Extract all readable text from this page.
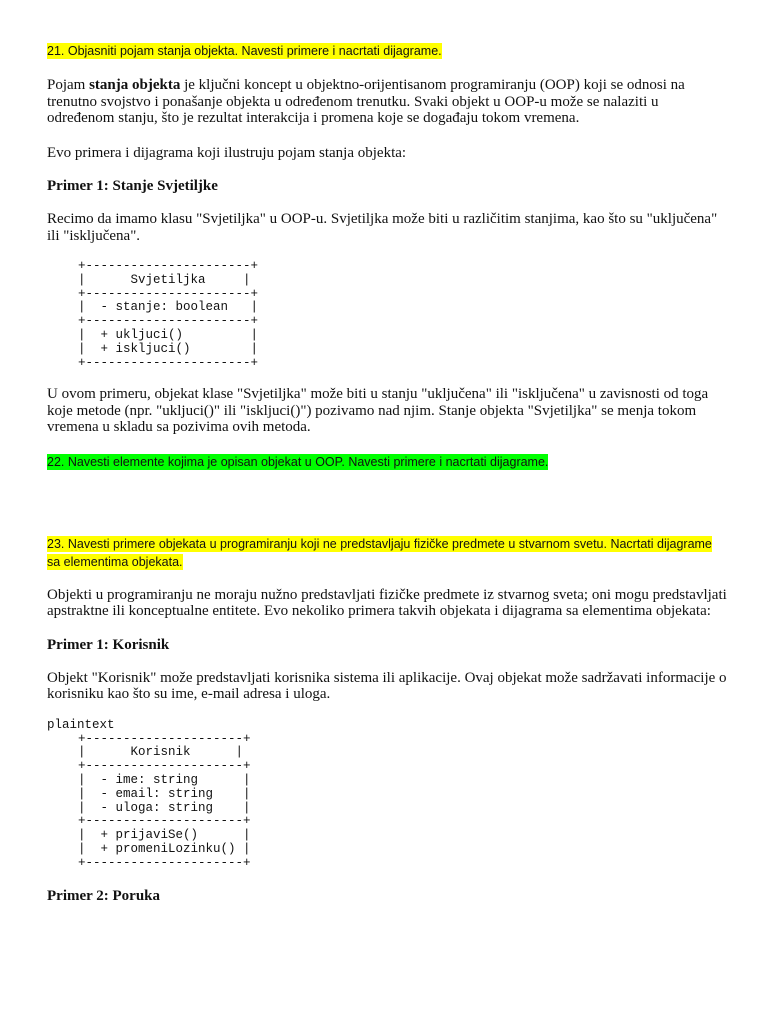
21. Objasniti pojam stanja objekta. Navesti primere i nacrtati dijagrame.

Pojam stanja objekta je ključni koncept u objektno-orijentisanom programiranju (OOP) koji se odnosi na trenutno svojstvo i ponašanje objekta u određenom trenutku. Svaki objekt u OOP-u može se nalaziti u određenom stanju, što je rezultat interakcija i promena koje se događaju tokom vremena.

Evo primera i dijagrama koji ilustruju pojam stanja objekta:

Primer 1: Stanje Svjetiljke

Recimo da imamo klasu "Svjetiljka" u OOP-u. Svjetiljka može biti u različitim stanjima, kao što su "uključena" ili "isključena".

+----------------------+
|      Svjetiljka     |
+----------------------+
|  - stanje: boolean   |
+----------------------+
|  + ukljuci()         |
|  + iskljuci()        |
+----------------------+

U ovom primeru, objekat klase "Svjetiljka" može biti u stanju "uključena" ili "isključena" u zavisnosti od toga koje metode (npr. "ukljuci()" ili "iskljuci()") pozivamo nad njim. Stanje objekta "Svjetiljka" se menja tokom vremena u skladu sa pozivima ovih metoda.

22. Navesti elemente kojima je opisan objekat u OOP. Navesti primere i nacrtati dijagrame.

23. Navesti primere objekata u programiranju koji ne predstavljaju fizičke predmete u stvarnom svetu. Nacrtati dijagrame sa elementima objekata.

Objekti u programiranju ne moraju nužno predstavljati fizičke predmete iz stvarnog sveta; oni mogu predstavljati apstraktne ili konceptualne entitete. Evo nekoliko primera takvih objekata i dijagrama sa elementima objekata:

Primer 1: Korisnik

Objekt "Korisnik" može predstavljati korisnika sistema ili aplikacije. Ovaj objekat može sadržavati informacije o korisniku kao što su ime, e-mail adresa i uloga.

plaintext
+---------------------+
|      Korisnik      |
+---------------------+
|  - ime: string      |
|  - email: string    |
|  - uloga: string    |
+---------------------+
|  + prijaviSe()      |
|  + promeniLozinku() |
+---------------------+
Primer 2: Poruka
